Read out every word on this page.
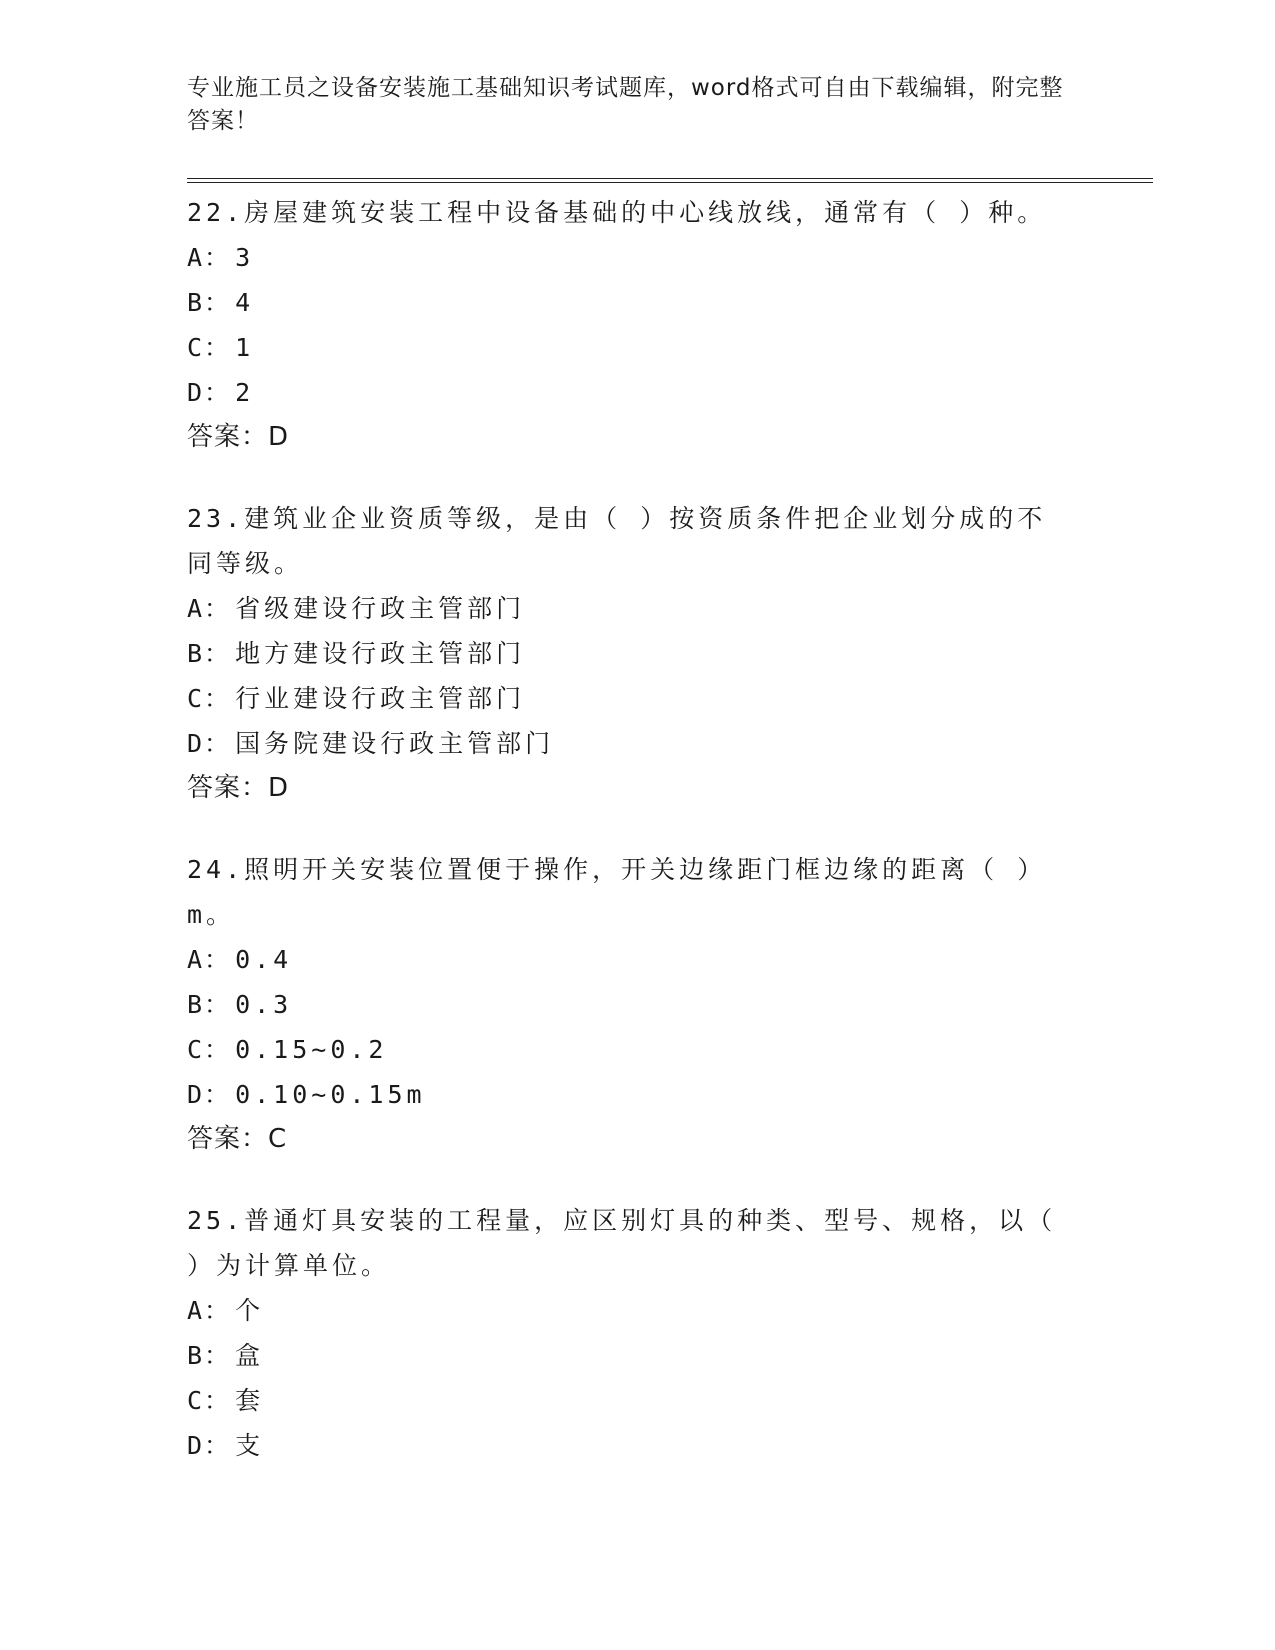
专业施工员之设备安装施工基础知识考试题库，word格式可自由下载编辑，附完整答案！
22.房屋建筑安装工程中设备基础的中心线放线，通常有（ ）种。
A： 3
B： 4
C： 1
D： 2
答案：D
23.建筑业企业资质等级，是由（ ）按资质条件把企业划分成的不同等级。
A： 省级建设行政主管部门
B： 地方建设行政主管部门
C： 行业建设行政主管部门
D： 国务院建设行政主管部门
答案：D
24.照明开关安装位置便于操作，开关边缘距门框边缘的距离（ ）m。
A： 0.4
B： 0.3
C： 0.15~0.2
D： 0.10~0.15m
答案：C
25.普通灯具安装的工程量，应区别灯具的种类、型号、规格，以（ ）为计算单位。
A： 个
B： 盒
C： 套
D： 支
